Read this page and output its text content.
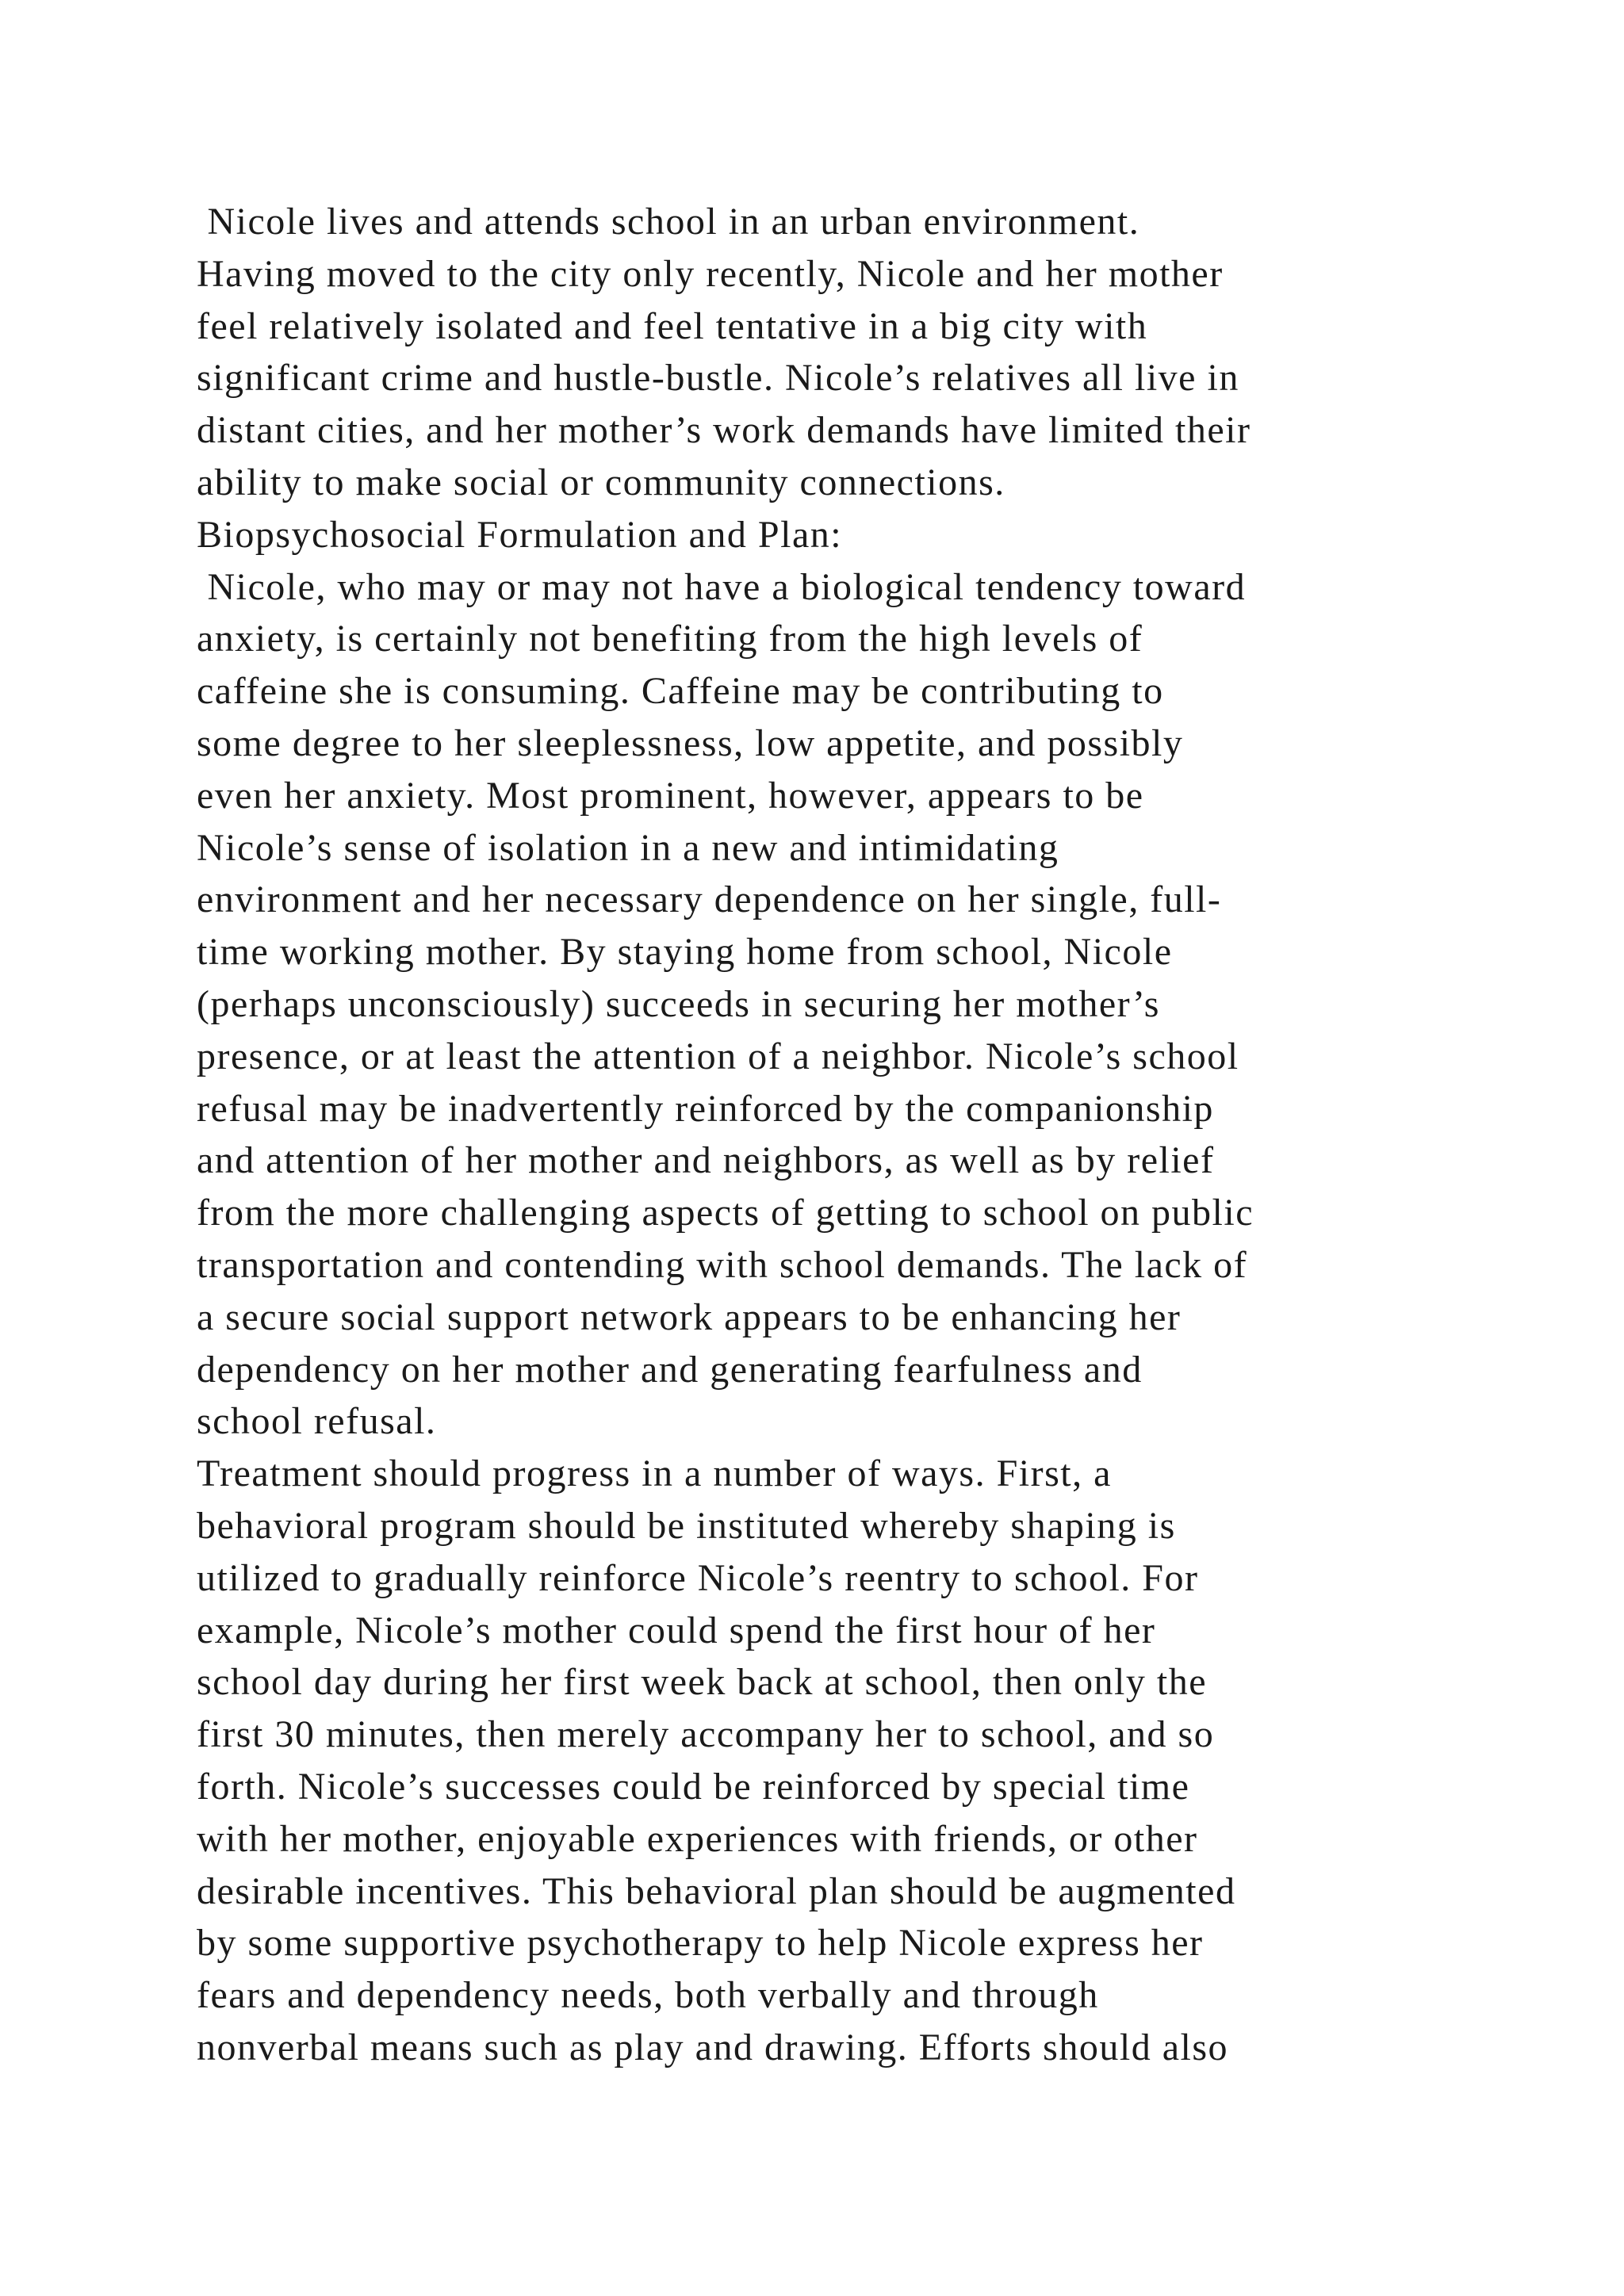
Nicole lives and attends school in an urban environment.

Having moved to the city only recently, Nicole and her mother

feel relatively isolated and feel tentative in a big city with

significant crime and hustle-bustle. Nicole’s relatives all live in

distant cities, and her mother’s work demands have limited their

ability to make social or community connections.

Biopsychosocial Formulation and Plan:

Nicole, who may or may not have a biological tendency toward

anxiety, is certainly not benefiting from the high levels of

caffeine she is consuming. Caffeine may be contributing to

some degree to her sleeplessness, low appetite, and possibly

even her anxiety. Most prominent, however, appears to be

Nicole’s sense of isolation in a new and intimidating

environment and her necessary dependence on her single, full-

time working mother. By staying home from school, Nicole

(perhaps unconsciously) succeeds in securing her mother’s

presence, or at least the attention of a neighbor. Nicole’s school

refusal may be inadvertently reinforced by the companionship

and attention of her mother and neighbors, as well as by relief

from the more challenging aspects of getting to school on public

transportation and contending with school demands. The lack of

a secure social support network appears to be enhancing her

dependency on her mother and generating fearfulness and

school refusal.

Treatment should progress in a number of ways. First, a

behavioral program should be instituted whereby shaping is

utilized to gradually reinforce Nicole’s reentry to school. For

example, Nicole’s mother could spend the first hour of her

school day during her first week back at school, then only the

first 30 minutes, then merely accompany her to school, and so

forth. Nicole’s successes could be reinforced by special time

with her mother, enjoyable experiences with friends, or other

desirable incentives. This behavioral plan should be augmented

by some supportive psychotherapy to help Nicole express her

fears and dependency needs, both verbally and through

nonverbal means such as play and drawing. Efforts should also
